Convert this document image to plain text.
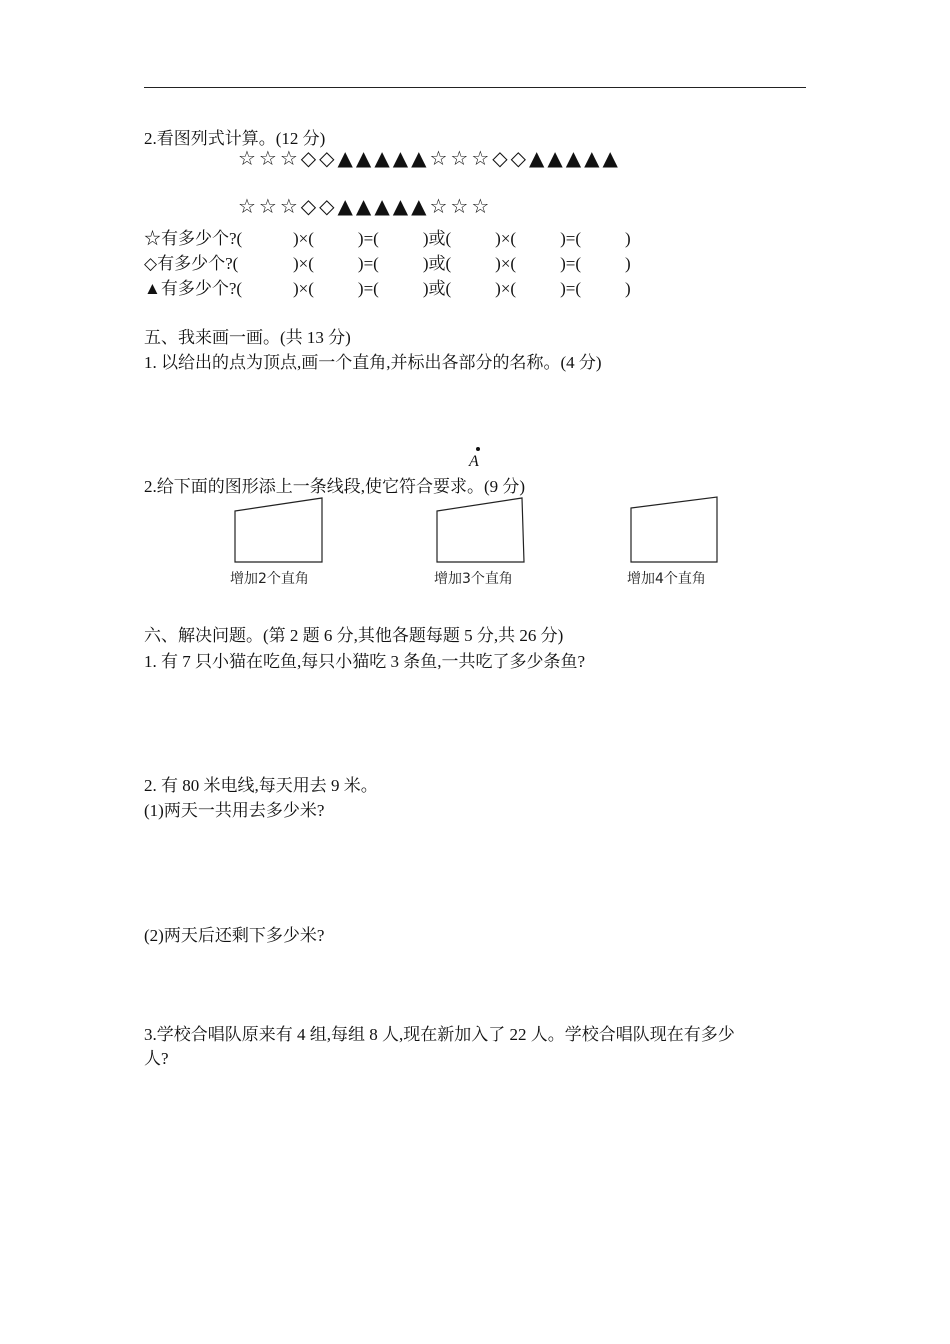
2.看图列式计算。(12 分)
☆☆☆◇◇▲▲▲▲▲☆☆☆◇◇▲▲▲▲▲
☆☆☆◇◇▲▲▲▲▲☆☆☆
☆有多少个?(	)×(	)=(	)或(	)×(	)=(	)
◇有多少个?(	)×(	)=(	)或(	)×(	)=(	)
▲有多少个?(	)×(	)=(	)或(	)×(	)=(	)
五、我来画一画。(共 13 分)
1. 以给出的点为顶点,画一个直角,并标出各部分的名称。(4 分)
A
2.给下面的图形添上一条线段,使它符合要求。(9 分)
增加2个直角	增加3个直角	增加4个直角
六、解决问题。(第 2 题 6 分,其他各题每题 5 分,共 26 分)
1. 有 7 只小猫在吃鱼,每只小猫吃 3 条鱼,一共吃了多少条鱼?
2. 有 80 米电线,每天用去 9 米。
(1)两天一共用去多少米?
(2)两天后还剩下多少米?
3.学校合唱队原来有 4 组,每组 8 人,现在新加入了 22 人。学校合唱队现在有多少
人?
